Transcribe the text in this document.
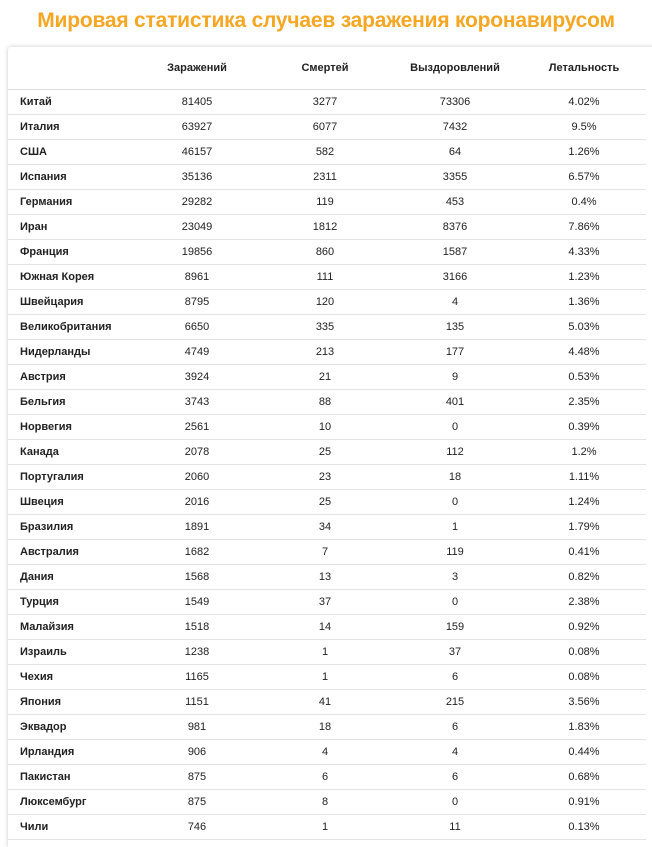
Мировая статистика случаев заражения коронавирусом
	Заражений	Смертей	Выздоровлений	Летальность
Китай	81405	3277	73306	4.02%
Италия	63927	6077	7432	9.5%
США	46157	582	64	1.26%
Испания	35136	2311	3355	6.57%
Германия	29282	119	453	0.4%
Иран	23049	1812	8376	7.86%
Франция	19856	860	1587	4.33%
Южная Корея	8961	111	3166	1.23%
Швейцария	8795	120	4	1.36%
Великобритания	6650	335	135	5.03%
Нидерланды	4749	213	177	4.48%
Австрия	3924	21	9	0.53%
Бельгия	3743	88	401	2.35%
Норвегия	2561	10	0	0.39%
Канада	2078	25	112	1.2%
Португалия	2060	23	18	1.11%
Швеция	2016	25	0	1.24%
Бразилия	1891	34	1	1.79%
Австралия	1682	7	119	0.41%
Дания	1568	13	3	0.82%
Турция	1549	37	0	2.38%
Малайзия	1518	14	159	0.92%
Израиль	1238	1	37	0.08%
Чехия	1165	1	6	0.08%
Япония	1151	41	215	3.56%
Эквадор	981	18	6	1.83%
Ирландия	906	4	4	0.44%
Пакистан	875	6	6	0.68%
Люксембург	875	8	0	0.91%
Чили	746	1	11	0.13%
